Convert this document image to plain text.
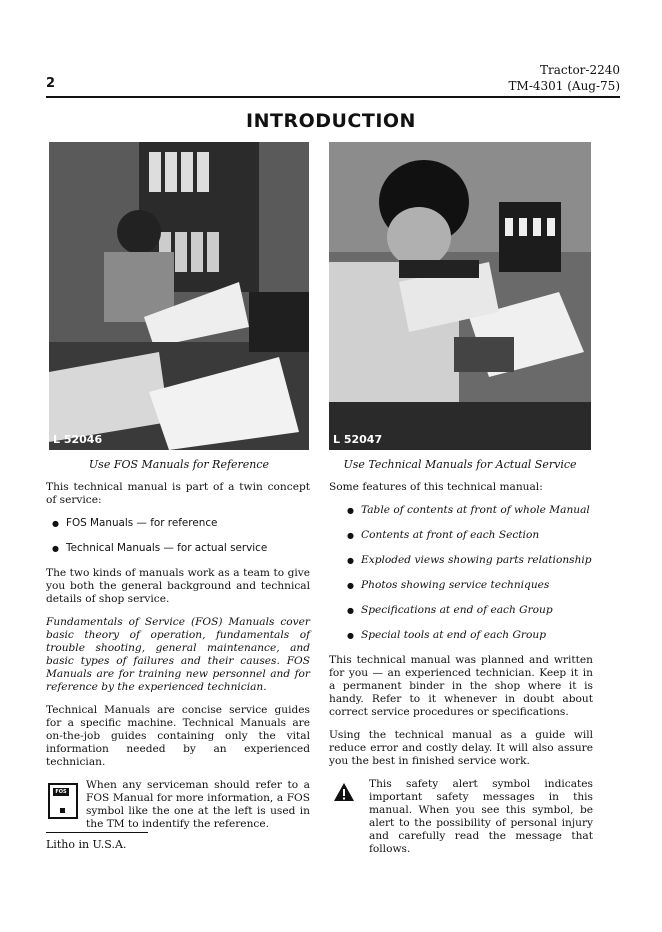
Tractor-2240
TM-4301 (Aug-75)
2
INTRODUCTION
L 52046	L 52047
Use FOS Manuals for Reference	Use Technical Manuals for Actual Service

This technical manual is part of a twin concept of service:

● FOS Manuals — for reference
● Technical Manuals — for actual service

The two kinds of manuals work as a team to give you both the general background and technical details of shop service.

Fundamentals of Service (FOS) Manuals cover basic theory of operation, fundamentals of trouble shooting, general maintenance, and basic types of failures and their causes. FOS Manuals are for training new personnel and for reference by the experienced technician.

Technical Manuals are concise service guides for a specific machine. Technical Manuals are on-the-job guides containing only the vital information needed by an experienced technician.

FOS

When any serviceman should refer to a FOS Manual for more information, a FOS symbol like the one at the left is used in the TM to indentify the reference.

Some features of this technical manual:

● Table of contents at front of whole Manual
● Contents at front of each Section
● Exploded views showing parts relationship
● Photos showing service techniques
● Specifications at end of each Group
● Special tools at end of each Group

This technical manual was planned and written for you — an experienced technician. Keep it in a permanent binder in the shop where it is handy. Refer to it whenever in doubt about correct service procedures or specifications.

Using the technical manual as a guide will reduce error and costly delay. It will also assure you the best in finished service work.

This safety alert symbol indicates important safety messages in this manual. When you see this symbol, be alert to the possibility of personal injury and carefully read the message that follows.

Litho in U.S.A.
